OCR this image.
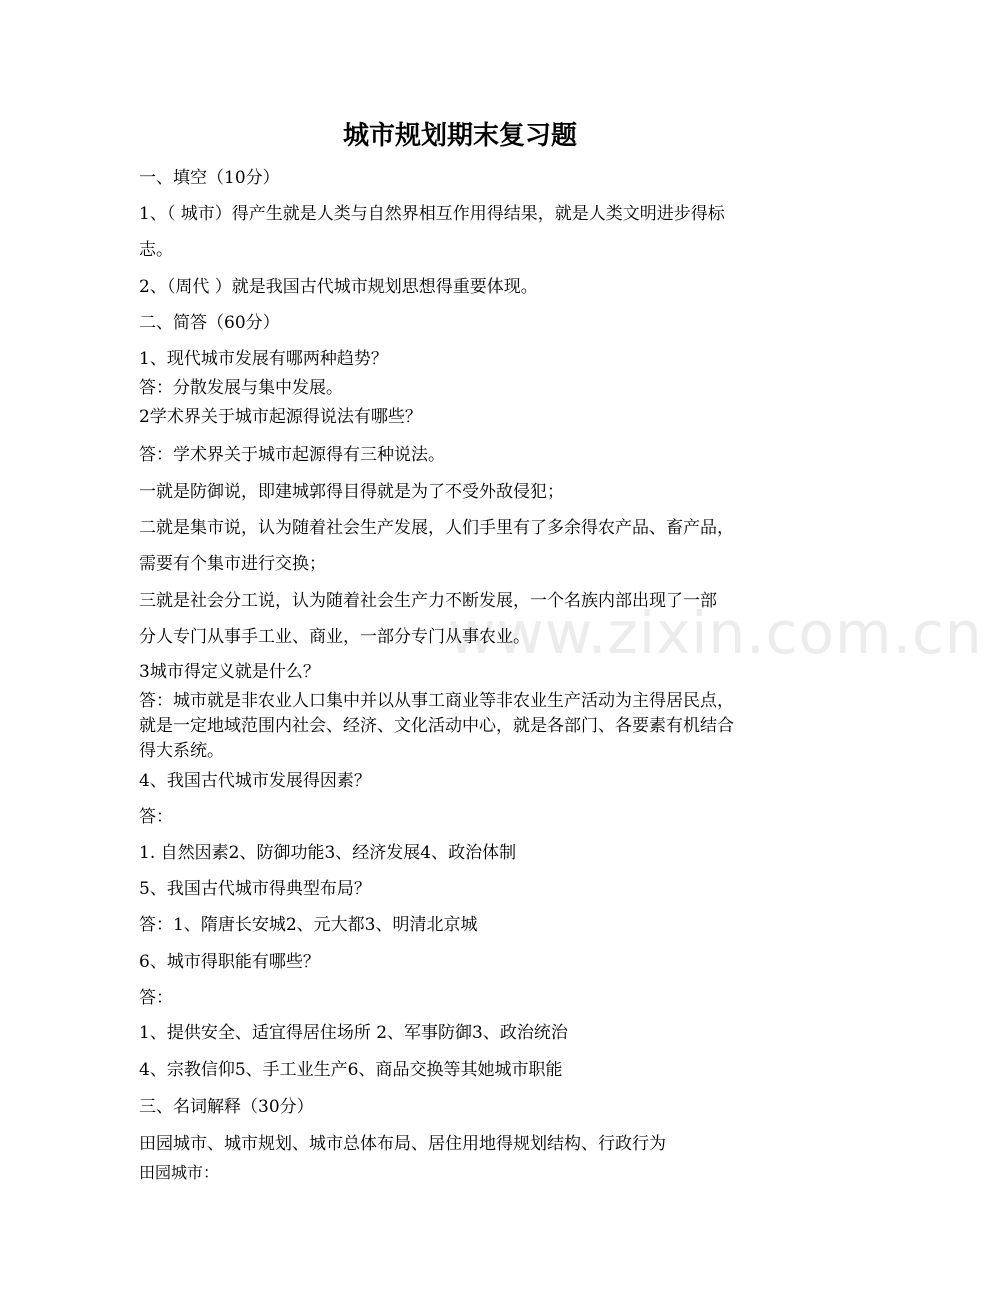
www.zixin.com.cn
城市规划期末复习题
一、填空（10分）
1、（ 城市）得产生就是人类与自然界相互作用得结果，就是人类文明进步得标
志。
2、（周代 ）就是我国古代城市规划思想得重要体现。
二、简答（60分）
1、现代城市发展有哪两种趋势？
答：分散发展与集中发展。
2学术界关于城市起源得说法有哪些？
答：学术界关于城市起源得有三种说法。
一就是防御说，即建城郭得目得就是为了不受外敌侵犯；
二就是集市说，认为随着社会生产发展，人们手里有了多余得农产品、畜产品，
需要有个集市进行交换；
三就是社会分工说，认为随着社会生产力不断发展，一个名族内部出现了一部
分人专门从事手工业、商业，一部分专门从事农业。
3城市得定义就是什么？
答：城市就是非农业人口集中并以从事工商业等非农业生产活动为主得居民点，
就是一定地域范围内社会、经济、文化活动中心，就是各部门、各要素有机结合
得大系统。
4、我国古代城市发展得因素？
答：
1. 自然因素2、防御功能3、经济发展4、政治体制
5、我国古代城市得典型布局？
答：1、隋唐长安城2、元大都3、明清北京城
6、城市得职能有哪些？
答：
1、提供安全、适宜得居住场所 2、军事防御3、政治统治
4、宗教信仰5、手工业生产6、商品交换等其她城市职能
三、名词解释（30分）
田园城市、城市规划、城市总体布局、居住用地得规划结构、行政行为
田园城市：
